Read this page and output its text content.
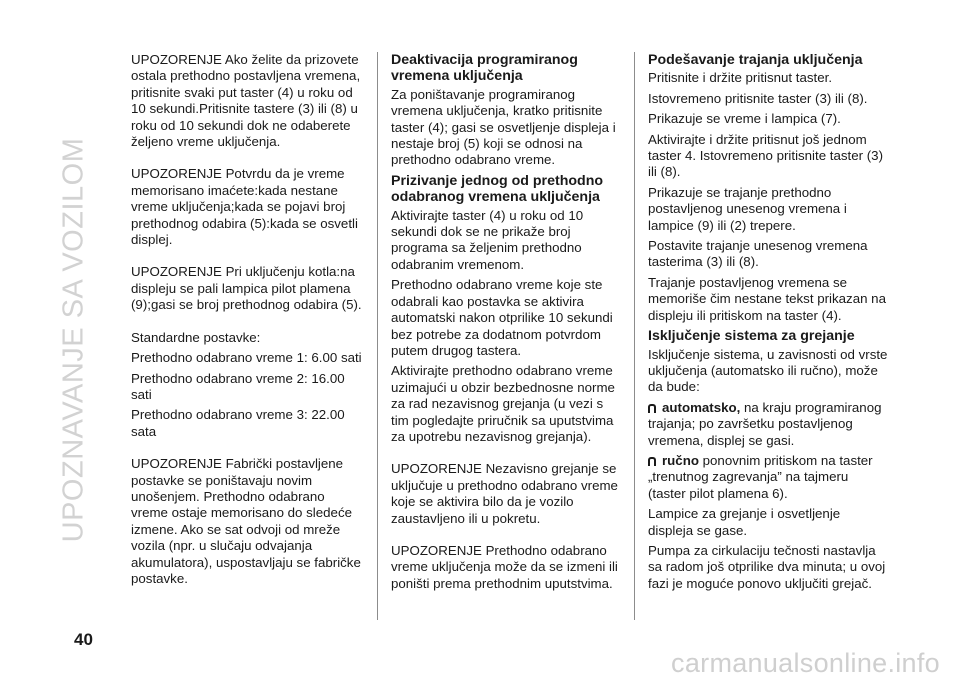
UPOZNAVANJE SA VOZILOM

UPOZORENJE Ako želite da prizovete ostala prethodno postavljena vremena, pritisnite svaki put taster (4) u roku od 10 sekundi.Pritisnite tastere (3) ili (8) u roku od 10 sekundi dok ne odaberete željeno vreme uključenja.

UPOZORENJE Potvrdu da je vreme memorisano imaćete:kada nestane vreme uključenja;kada se pojavi broj prethodnog odabira (5):kada se osvetli displej.

UPOZORENJE Pri uključenju kotla:na displeju se pali lampica pilot plamena (9);gasi se broj prethodnog odabira (5).

Standardne postavke:

Prethodno odabrano vreme 1: 6.00 sati

Prethodno odabrano vreme 2: 16.00 sati

Prethodno odabrano vreme 3: 22.00 sata

UPOZORENJE Fabrički postavljene postavke se poništavaju novim unošenjem. Prethodno odabrano vreme ostaje memorisano do sledeće izmene. Ako se sat odvoji od mreže vozila (npr. u slučaju odvajanja akumulatora), uspostavljaju se fabričke postavke.

Deaktivacija programiranog vremena uključenja

Za poništavanje programiranog vremena uključenja, kratko pritisnite taster (4); gasi se osvetljenje displeja i nestaje broj (5) koji se odnosi na prethodno odabrano vreme.

Prizivanje jednog od prethodno odabranog vremena uključenja

Aktivirajte taster (4) u roku od 10 sekundi dok se ne prikaže broj programa sa željenim prethodno odabranim vremenom.

Prethodno odabrano vreme koje ste odabrali kao postavka se aktivira automatski nakon otprilike 10 sekundi bez potrebe za dodatnom potvrdom putem drugog tastera.

Aktivirajte prethodno odabrano vreme uzimajući u obzir bezbednosne norme za rad nezavisnog grejanja (u vezi s tim pogledajte priručnik sa uputstvima za upotrebu nezavisnog grejanja).

UPOZORENJE Nezavisno grejanje se uključuje u prethodno odabrano vreme koje se aktivira bilo da je vozilo zaustavljeno ili u pokretu.

UPOZORENJE Prethodno odabrano vreme uključenja može da se izmeni ili poništi prema prethodnim uputstvima.

Podešavanje trajanja uključenja

Pritisnite i držite pritisnut taster.

Istovremeno pritisnite taster (3) ili (8).

Prikazuje se vreme i lampica (7).

Aktivirajte i držite pritisnut još jednom taster 4. Istovremeno pritisnite taster (3) ili (8).

Prikazuje se trajanje prethodno postavljenog unesenog vremena i lampice (9) ili (2) trepere.

Postavite trajanje unesenog vremena tasterima (3) ili (8).

Trajanje postavljenog vremena se memoriše čim nestane tekst prikazan na displeju ili pritiskom na taster (4).

Isključenje sistema za grejanje

Isključenje sistema, u zavisnosti od vrste uključenja (automatsko ili ručno), može da bude:

automatsko, na kraju programiranog trajanja; po završetku postavljenog vremena, displej se gasi.

ručno ponovnim pritiskom na taster „trenutnog zagrevanja” na tajmeru (taster pilot plamena 6).

Lampice za grejanje i osvetljenje displeja se gase.

Pumpa za cirkulaciju tečnosti nastavlja sa radom još otprilike dva minuta; u ovoj fazi je moguće ponovo uključiti grejač.

40
carmanualsonline.info
